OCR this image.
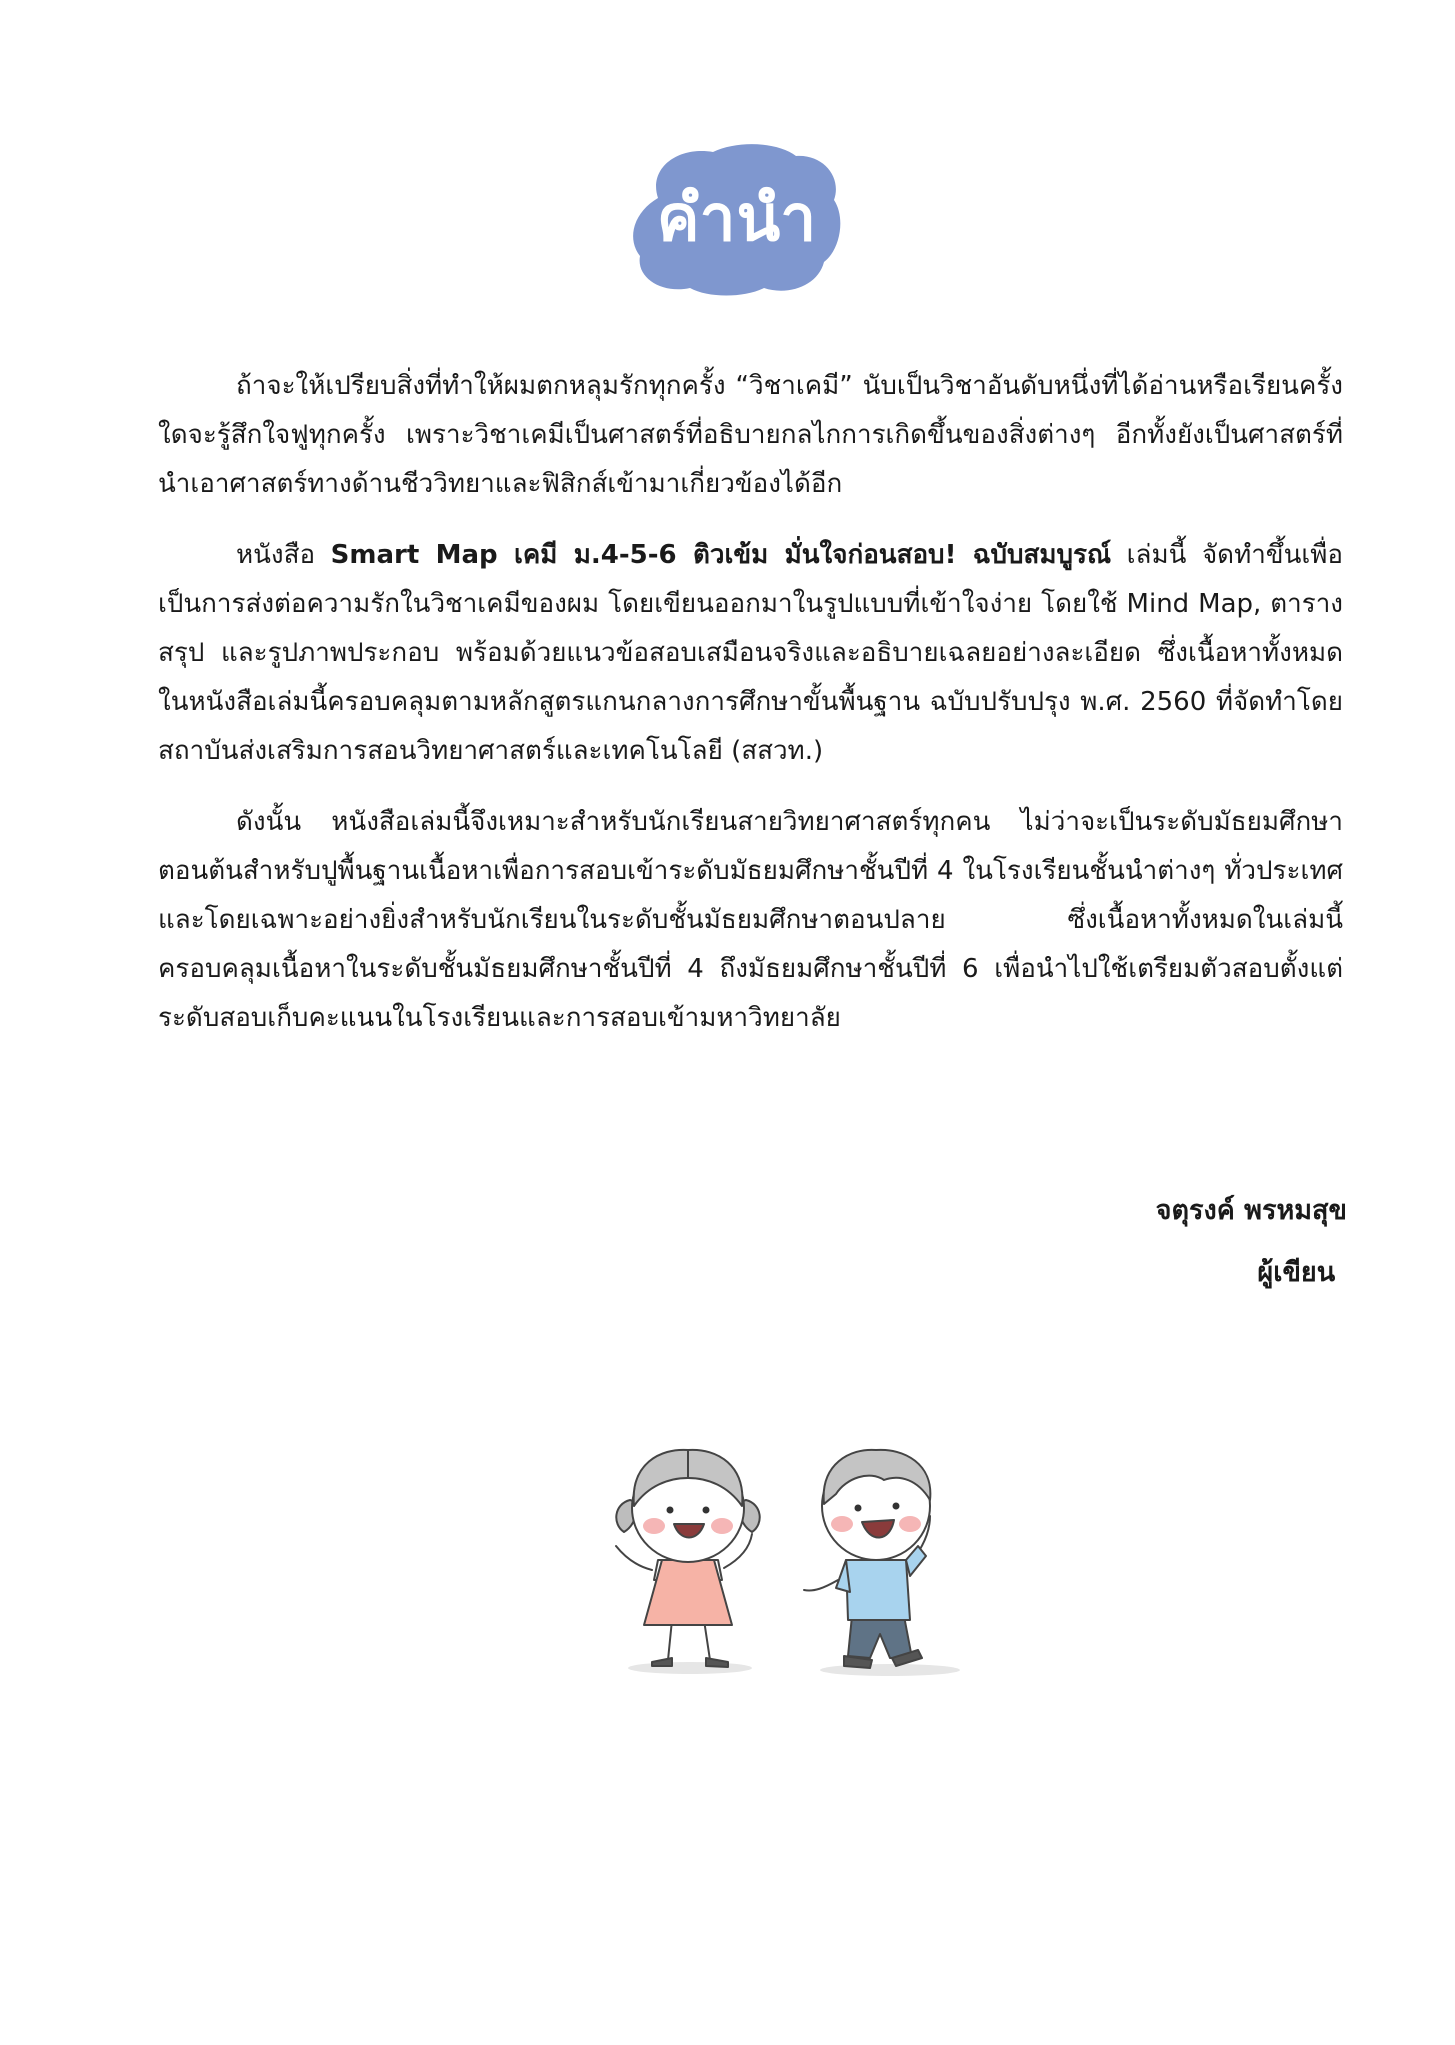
คำนำ

ถ้าจะให้เปรียบสิ่งที่ทำให้ผมตกหลุมรักทุกครั้ง “วิชาเคมี” นับเป็นวิชาอันดับหนึ่งที่ได้อ่านหรือเรียนครั้งใดจะรู้สึกใจฟูทุกครั้ง เพราะวิชาเคมีเป็นศาสตร์ที่อธิบายกลไกการเกิดขึ้นของสิ่งต่างๆ อีกทั้งยังเป็นศาสตร์ที่นำเอาศาสตร์ทางด้านชีววิทยาและฟิสิกส์เข้ามาเกี่ยวข้องได้อีก

หนังสือ Smart Map เคมี ม.4-5-6 ติวเข้ม มั่นใจก่อนสอบ! ฉบับสมบูรณ์ เล่มนี้ จัดทำขึ้นเพื่อเป็นการส่งต่อความรักในวิชาเคมีของผม โดยเขียนออกมาในรูปแบบที่เข้าใจง่าย โดยใช้ Mind Map, ตารางสรุป และรูปภาพประกอบ พร้อมด้วยแนวข้อสอบเสมือนจริงและอธิบายเฉลยอย่างละเอียด ซึ่งเนื้อหาทั้งหมดในหนังสือเล่มนี้ครอบคลุมตามหลักสูตรแกนกลางการศึกษาขั้นพื้นฐาน ฉบับปรับปรุง พ.ศ. 2560 ที่จัดทำโดยสถาบันส่งเสริมการสอนวิทยาศาสตร์และเทคโนโลยี (สสวท.)

ดังนั้น หนังสือเล่มนี้จึงเหมาะสำหรับนักเรียนสายวิทยาศาสตร์ทุกคน ไม่ว่าจะเป็นระดับมัธยมศึกษาตอนต้นสำหรับปูพื้นฐานเนื้อหาเพื่อการสอบเข้าระดับมัธยมศึกษาชั้นปีที่ 4 ในโรงเรียนชั้นนำต่างๆ ทั่วประเทศ และโดยเฉพาะอย่างยิ่งสำหรับนักเรียนในระดับชั้นมัธยมศึกษาตอนปลาย ซึ่งเนื้อหาทั้งหมดในเล่มนี้ครอบคลุมเนื้อหาในระดับชั้นมัธยมศึกษาชั้นปีที่ 4 ถึงมัธยมศึกษาชั้นปีที่ 6 เพื่อนำไปใช้เตรียมตัวสอบตั้งแต่ระดับสอบเก็บคะแนนในโรงเรียนและการสอบเข้ามหาวิทยาลัย

จตุรงค์ พรหมสุข
ผู้เขียน
